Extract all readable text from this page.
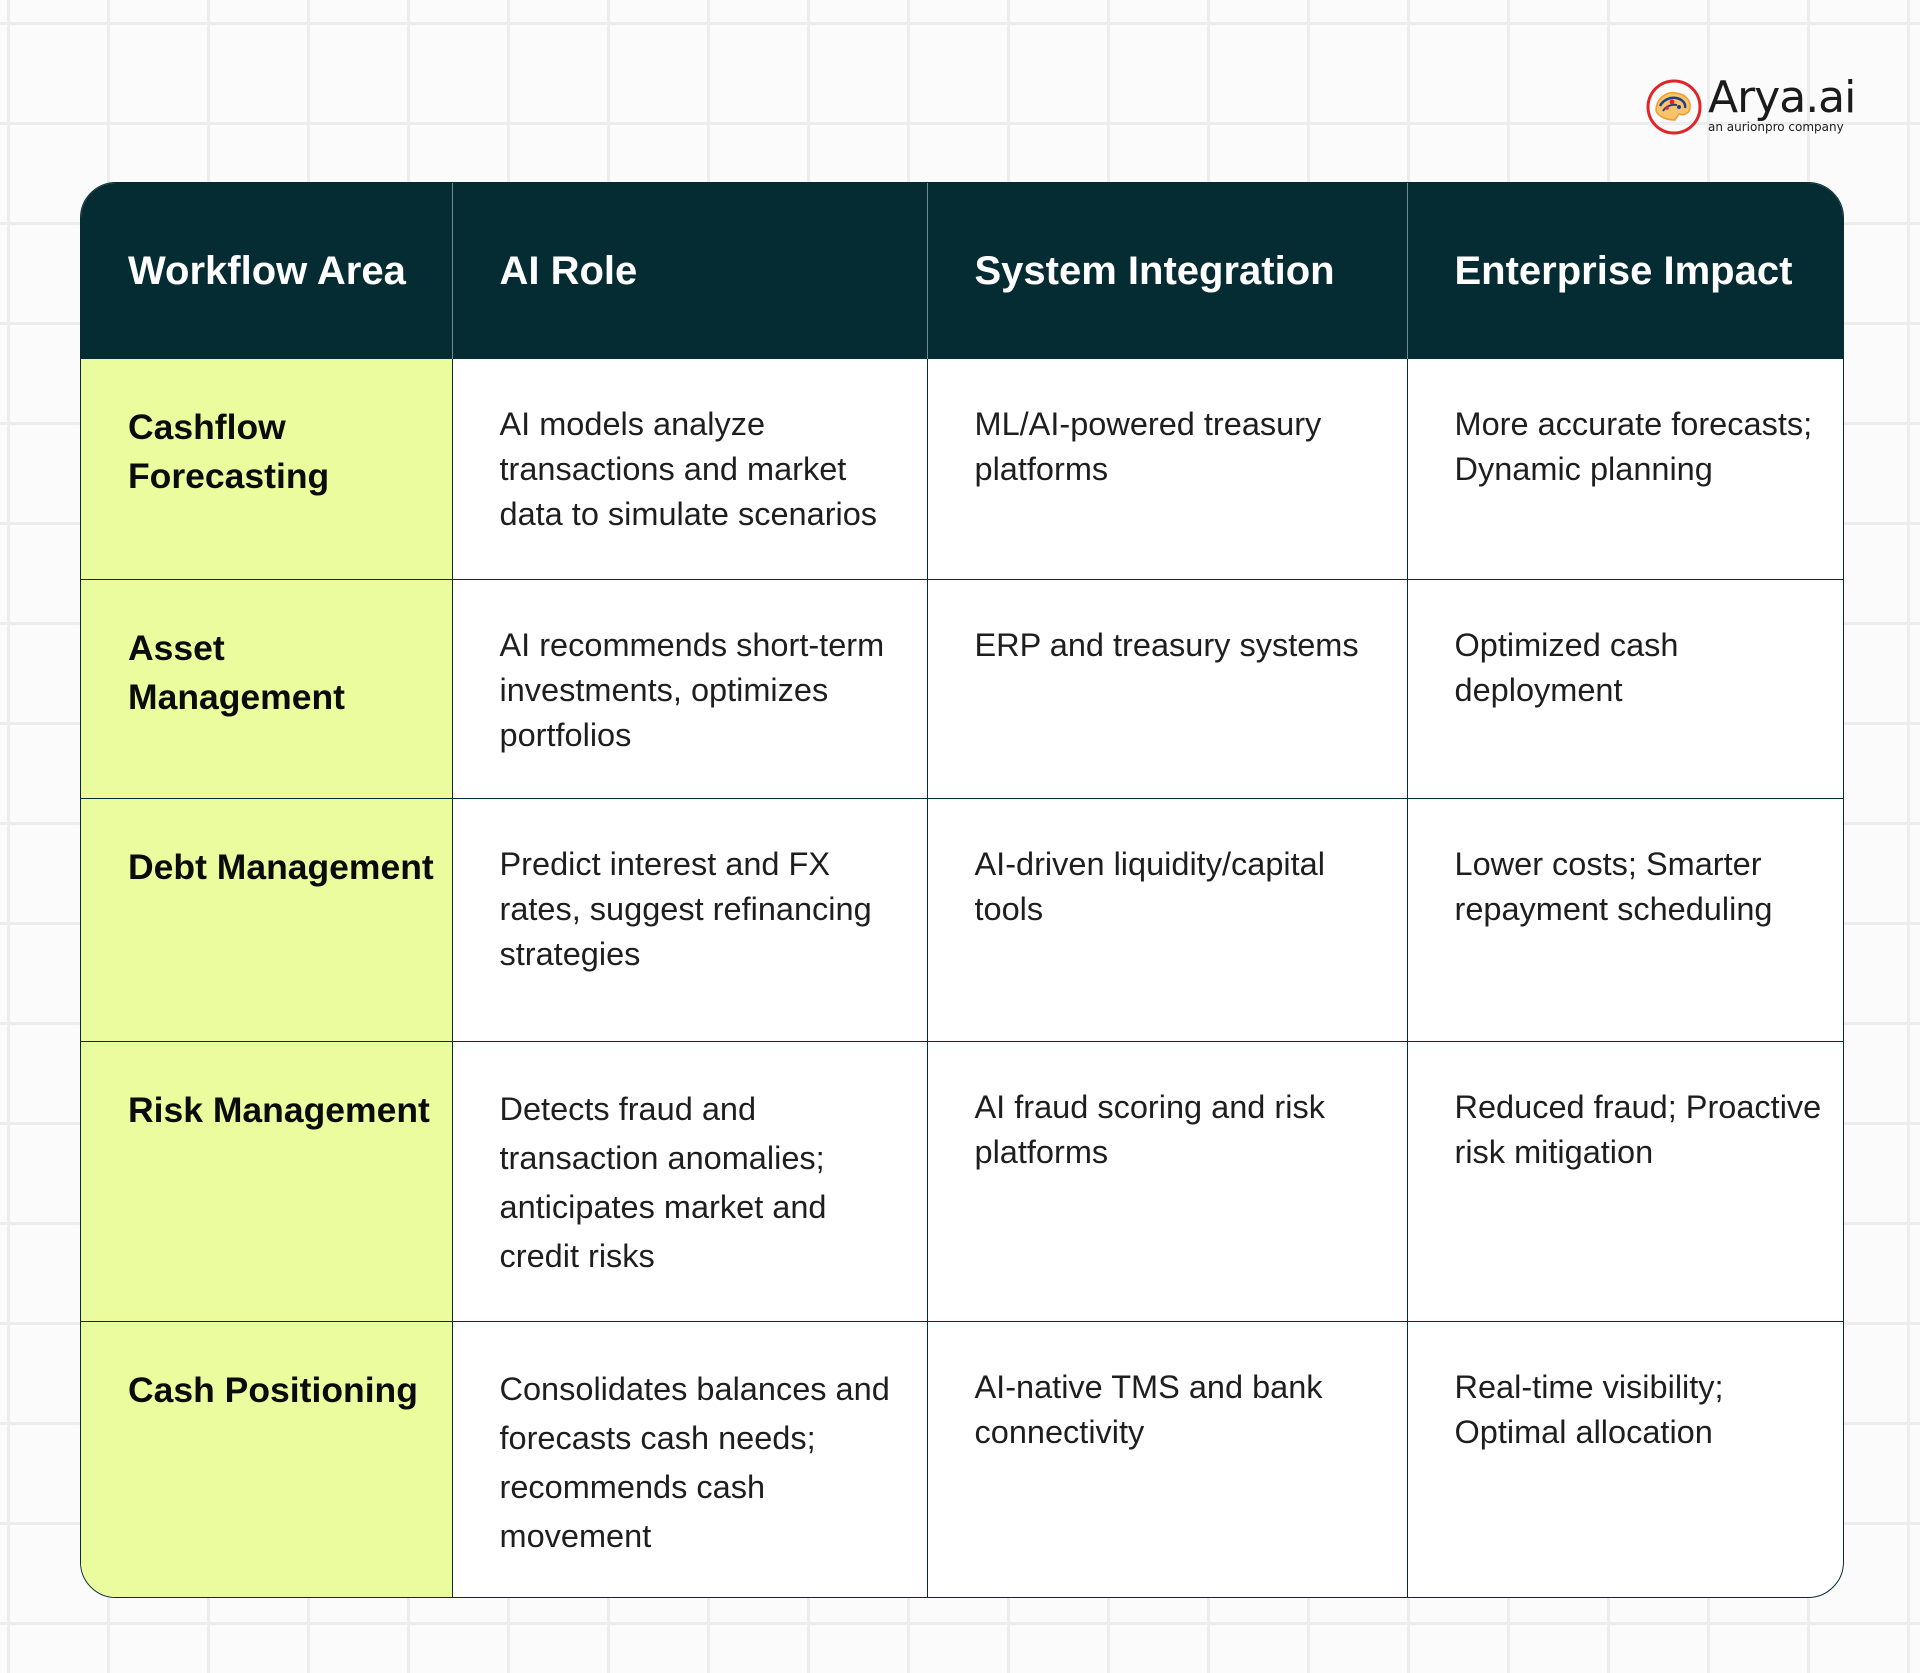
Arya.ai
an aurionpro company
Workflow Area	AI Role	System Integration	Enterprise Impact
Cashflow Forecasting	AI models analyze transactions and market data to simulate scenarios	ML/AI-powered treasury platforms	More accurate forecasts; Dynamic planning
Asset Management	AI recommends short-term investments, optimizes portfolios	ERP and treasury systems	Optimized cash deployment
Debt Management	Predict interest and FX rates, suggest refinancing strategies	AI-driven liquidity/capital tools	Lower costs; Smarter repayment scheduling
Risk Management	Detects fraud and transaction anomalies; anticipates market and credit risks	AI fraud scoring and risk platforms	Reduced fraud; Proactive risk mitigation
Cash Positioning	Consolidates balances and forecasts cash needs; recommends cash movement	AI-native TMS and bank connectivity	Real-time visibility; Optimal allocation
